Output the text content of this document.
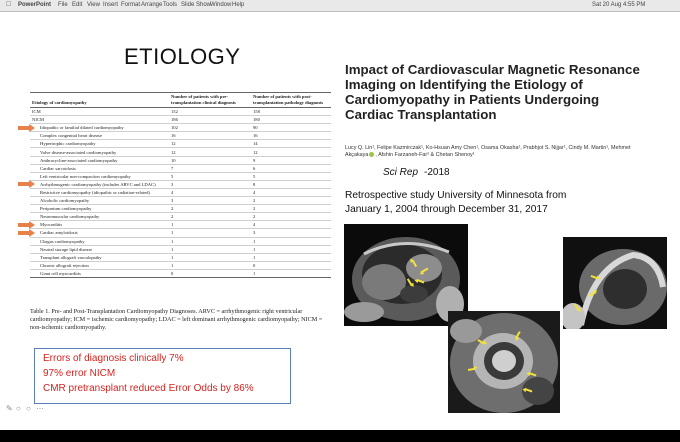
PowerPoint File Edit View Insert Format Arrange Tools Slide Show
Window Help	Sat 20 Aug 4:55 PM
ETIOLOGY
Etiology of cardiomyopathy	Number of patients with pre-transplantation clinical diagnosis	Number of patients with post-transplantation pathology diagnosis
ICM	152	158
NICM	186	180
Idiopathic or familial dilated cardiomyopathy	102	90
Complex congenital heart disease	16	16
Hypertrophic cardiomyopathy	12	14
Valve disease-associated cardiomyopathy	12	12
Anthracycline-associated cardiomyopathy	10	9
Cardiac sarcoidosis	7	6
Left ventricular non-compaction cardiomyopathy	5	5
Arrhythmogenic cardiomyopathy (includes ARVC and LDAC)	3	8
Restrictive cardiomyopathy (idiopathic or radiation-related)	4	4
Alcoholic cardiomyopathy	3	2
Peripartum cardiomyopathy	2	2
Neuromuscular cardiomyopathy	2	2
Myocarditis	1	4
Cardiac amyloidosis	1	3
Chagas cardiomyopathy	1	1
Neutral storage lipid disease	1	1
Transplant allograft vasculopathy	1	1
Chronic allograft rejection	1	0
Giant cell myocarditis	0	1
Table 1. Pre- and Post-Transplantation Cardiomyopathy Diagnoses. ARVC = arrhythmogenic right ventricular cardiomyopathy; ICM = ischemic cardiomyopathy; LDAC = left dominant arrhythmogenic cardiomyopathy; NICM = non-ischemic cardiomyopathy.
Errors of diagnosis clinically 7%
97% error NICM
CMR pretransplant reduced Error Odds by 86%
Impact of Cardiovascular Magnetic Resonance Imaging on Identifying the Etiology of Cardiomyopathy in Patients Undergoing Cardiac Transplantation
Lucy Q. Lin¹, Felipe Kazmirczak¹, Ko-Hsuan Amy Chen¹, Osama Okasha¹, Prabhjot S. Nijjar¹, Cindy M. Martin¹, Mehmet Akçakaya , Afshin Farzaneh-Far² & Chetan Shenoy¹
Sci Rep -2018
Retrospective study University of Minnesota from
January 1, 2004 through December 31, 2017
✎ ○ ○ ⋯
